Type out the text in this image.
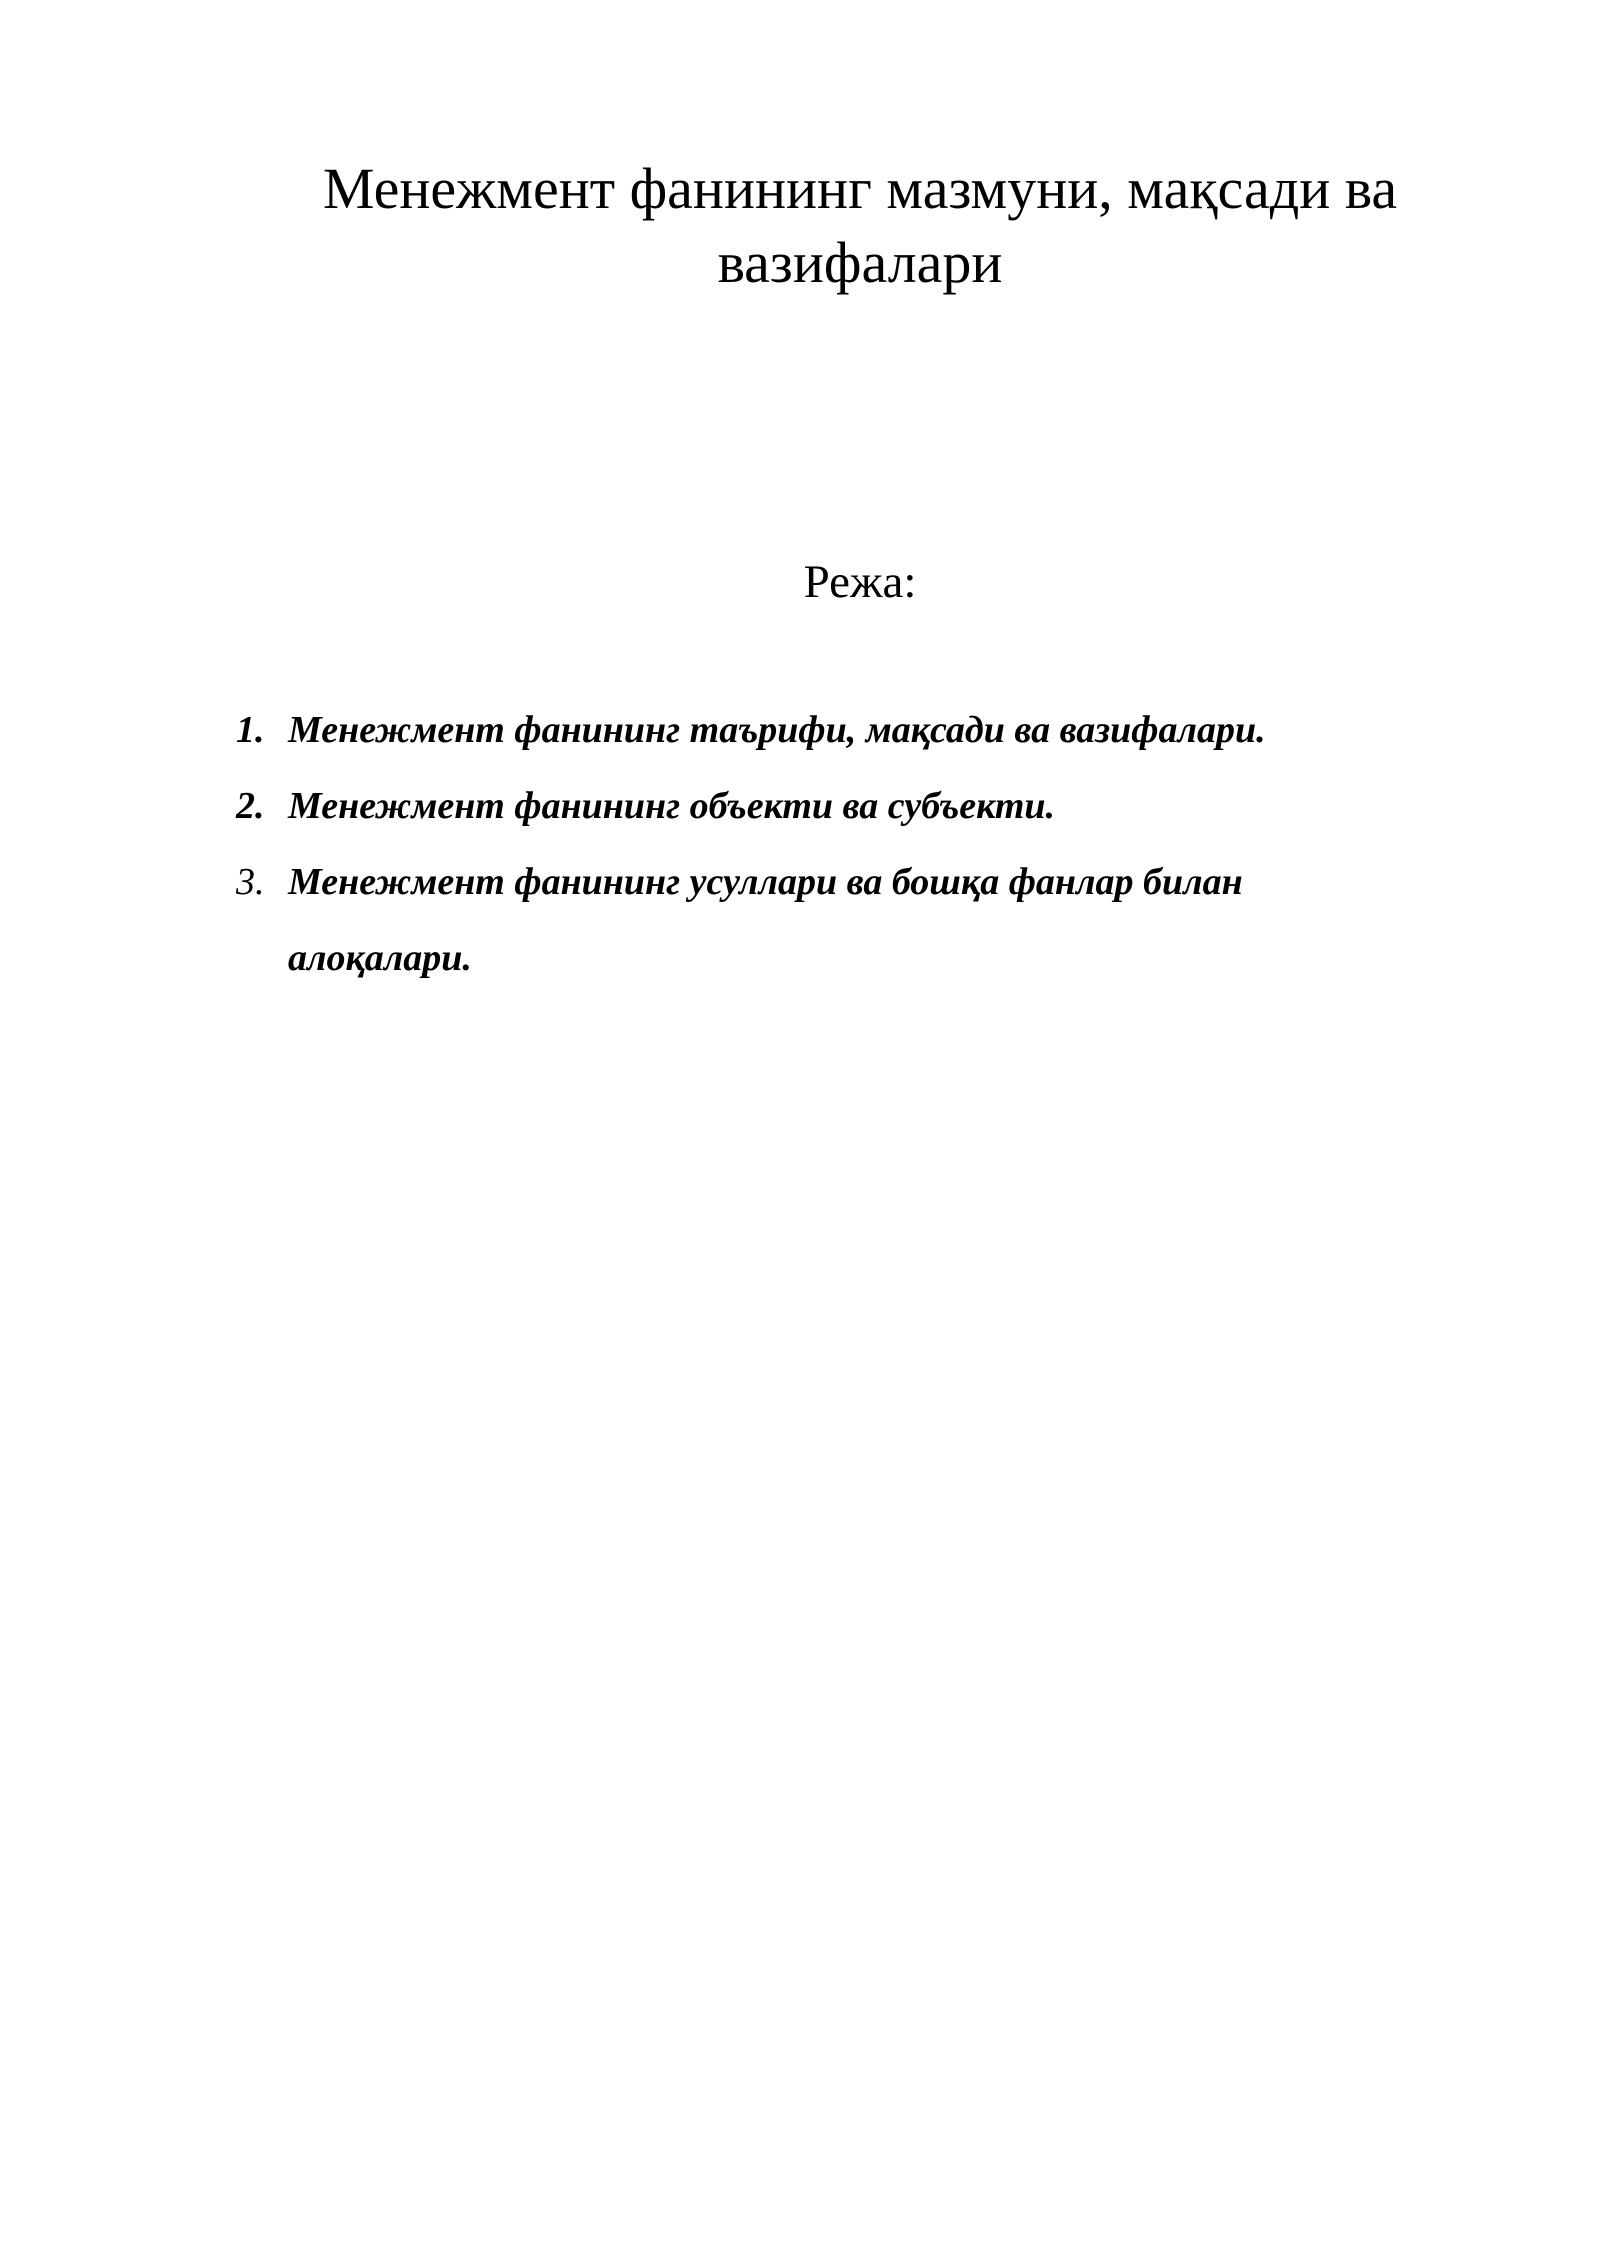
Менежмент фанининг мазмуни, мақсади ва вазифалари

Режа:

1. Менежмент фанининг таърифи, мақсади ва вазифалари.
2. Менежмент фанининг объекти ва субъекти.
3. Менежмент фанининг усуллари ва бошқа фанлар билан алоқалари.
